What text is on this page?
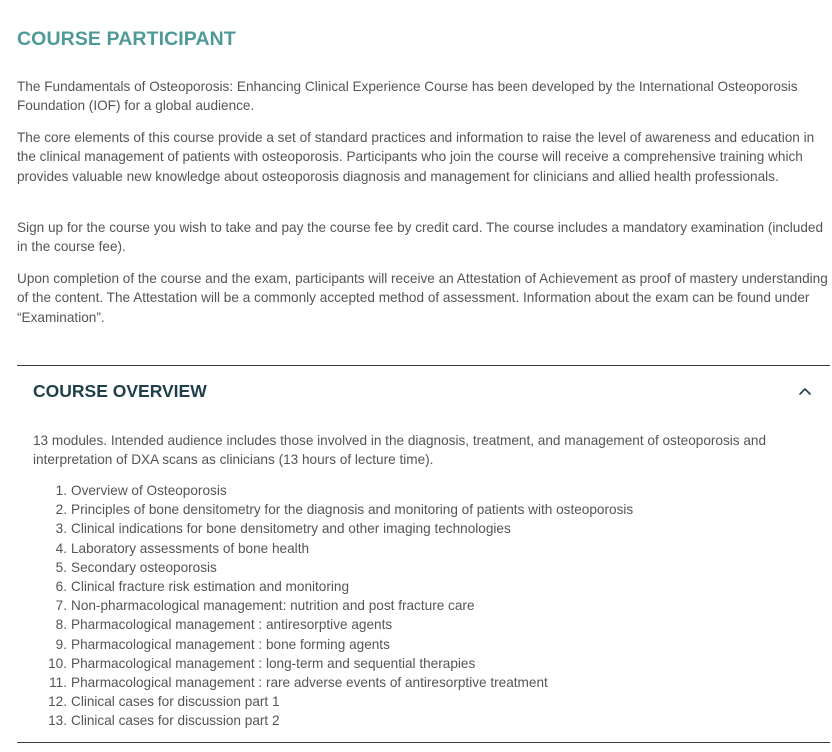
COURSE PARTICIPANT

The Fundamentals of Osteoporosis: Enhancing Clinical Experience Course has been developed by the International Osteoporosis Foundation (IOF) for a global audience.

The core elements of this course provide a set of standard practices and information to raise the level of awareness and education in the clinical management of patients with osteoporosis. Participants who join the course will receive a comprehensive training which provides valuable new knowledge about osteoporosis diagnosis and management for clinicians and allied health professionals.

Sign up for the course you wish to take and pay the course fee by credit card. The course includes a mandatory examination (included in the course fee).

Upon completion of the course and the exam, participants will receive an Attestation of Achievement as proof of mastery understanding of the content. The Attestation will be a commonly accepted method of assessment. Information about the exam can be found under “Examination”.

COURSE OVERVIEW

13 modules. Intended audience includes those involved in the diagnosis, treatment, and management of osteoporosis and interpretation of DXA scans as clinicians (13 hours of lecture time).

1. Overview of Osteoporosis
2. Principles of bone densitometry for the diagnosis and monitoring of patients with osteoporosis
3. Clinical indications for bone densitometry and other imaging technologies
4. Laboratory assessments of bone health
5. Secondary osteoporosis
6. Clinical fracture risk estimation and monitoring
7. Non-pharmacological management: nutrition and post fracture care
8. Pharmacological management : antiresorptive agents
9. Pharmacological management : bone forming agents
10. Pharmacological management : long-term and sequential therapies
11. Pharmacological management : rare adverse events of antiresorptive treatment
12. Clinical cases for discussion part 1
13. Clinical cases for discussion part 2
